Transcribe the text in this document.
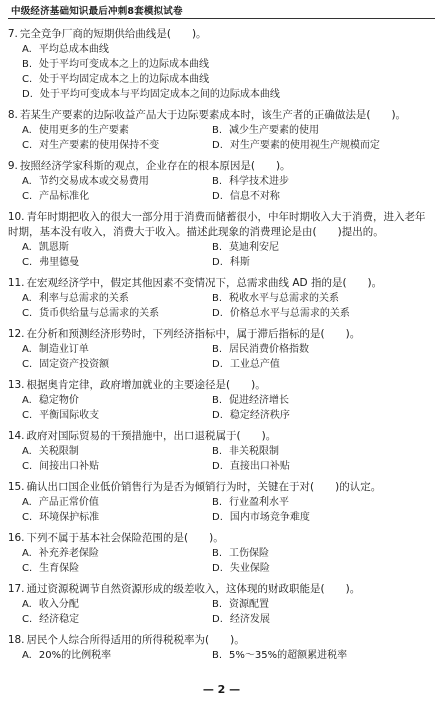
中级经济基础知识最后冲刺8套模拟试卷
7. 完全竞争厂商的短期供给曲线是(　　)。
A. 平均总成本曲线
B. 处于平均可变成本之上的边际成本曲线
C. 处于平均固定成本之上的边际成本曲线
D. 处于平均可变成本与平均固定成本之间的边际成本曲线
8. 若某生产要素的边际收益产品大于边际要素成本时，该生产者的正确做法是(　　)。
A. 使用更多的生产要素	B. 减少生产要素的使用
C. 对生产要素的使用保持不变	D. 对生产要素的使用视生产规模而定
9. 按照经济学家科斯的观点，企业存在的根本原因是(　　)。
A. 节约交易成本或交易费用	B. 科学技术进步
C. 产品标准化	D. 信息不对称
10. 青年时期把收入的很大一部分用于消费而储蓄很小，中年时期收入大于消费，进入老年时期，基本没有收入，消费大于收入。描述此现象的消费理论是由(　　)提出的。
A. 凯恩斯	B. 莫迪利安尼
C. 弗里德曼	D. 科斯
11. 在宏观经济学中，假定其他因素不变情况下，总需求曲线 AD 指的是(　　)。
A. 利率与总需求的关系	B. 税收水平与总需求的关系
C. 货币供给量与总需求的关系	D. 价格总水平与总需求的关系
12. 在分析和预测经济形势时，下列经济指标中，属于滞后指标的是(　　)。
A. 制造业订单	B. 居民消费价格指数
C. 固定资产投资额	D. 工业总产值
13. 根据奥肯定律，政府增加就业的主要途径是(　　)。
A. 稳定物价	B. 促进经济增长
C. 平衡国际收支	D. 稳定经济秩序
14. 政府对国际贸易的干预措施中，出口退税属于(　　)。
A. 关税限制	B. 非关税限制
C. 间接出口补贴	D. 直接出口补贴
15. 确认出口国企业低价销售行为是否为倾销行为时，关键在于对(　　)的认定。
A. 产品正常价值	B. 行业盈利水平
C. 环境保护标准	D. 国内市场竞争难度
16. 下列不属于基本社会保险范围的是(　　)。
A. 补充养老保险	B. 工伤保险
C. 生育保险	D. 失业保险
17. 通过资源税调节自然资源形成的级差收入，这体现的财政职能是(　　)。
A. 收入分配	B. 资源配置
C. 经济稳定	D. 经济发展
18. 居民个人综合所得适用的所得税税率为(　　)。
A. 20%的比例税率	B. 5%～35%的超额累进税率
— 2 —
